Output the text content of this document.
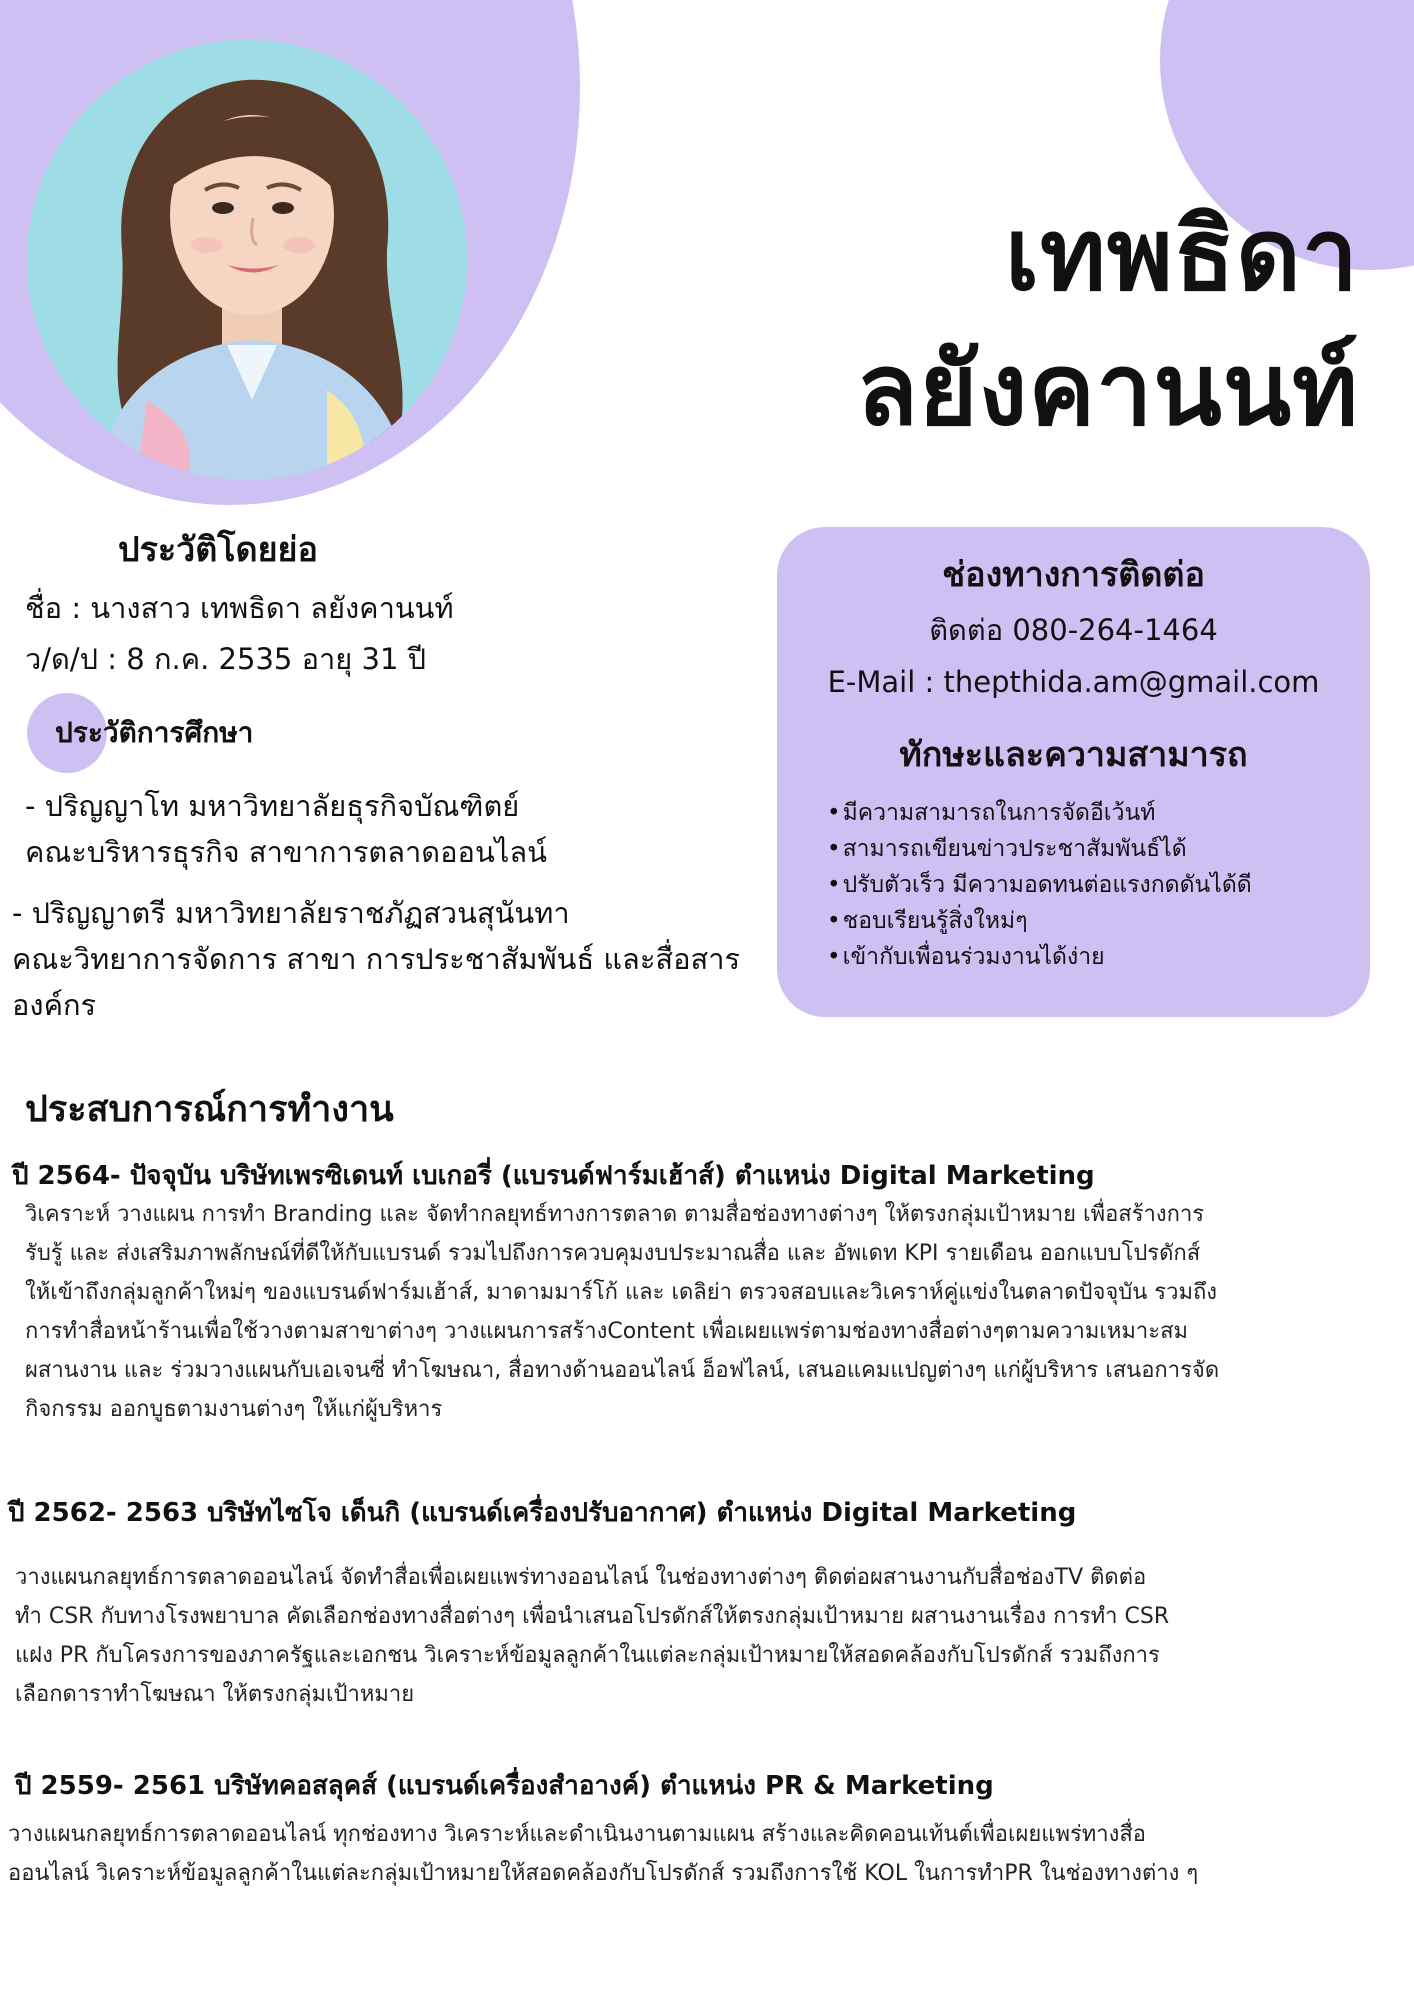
เทพธิดา
ลยังคานนท์
ประวัติโดยย่อ
ชื่อ : นางสาว เทพธิดา ลยังคานนท์
ว/ด/ป : 8 ก.ค. 2535 อายุ 31 ปี
ประวัติการศึกษา
- ปริญญาโท มหาวิทยาลัยธุรกิจบัณฑิตย์
คณะบริหารธุรกิจ สาขาการตลาดออนไลน์
- ปริญญาตรี มหาวิทยาลัยราชภัฏสวนสุนันทา
คณะวิทยาการจัดการ สาขา การประชาสัมพันธ์ และสื่อสาร
องค์กร
ช่องทางการติดต่อ
ติดต่อ 080-264-1464
E-Mail : thepthida.am@gmail.com
ทักษะและความสามารถ
• มีความสามารถในการจัดอีเว้นท์
• สามารถเขียนข่าวประชาสัมพันธ์ได้
• ปรับตัวเร็ว มีความอดทนต่อแรงกดดันได้ดี
• ชอบเรียนรู้สิ่งใหม่ๆ
• เข้ากับเพื่อนร่วมงานได้ง่าย
ประสบการณ์การทำงาน
ปี 2564- ปัจจุบัน บริษัทเพรซิเดนท์ เบเกอรี่ (แบรนด์ฟาร์มเฮ้าส์) ตำแหน่ง Digital Marketing
วิเคราะห์ วางแผน การทำ Branding และ จัดทำกลยุทธ์ทางการตลาด ตามสื่อช่องทางต่างๆ ให้ตรงกลุ่มเป้าหมาย เพื่อสร้างการ
รับรู้ และ ส่งเสริมภาพลักษณ์ที่ดีให้กับแบรนด์ รวมไปถึงการควบคุมงบประมาณสื่อ และ อัพเดท KPI รายเดือน ออกแบบโปรดักส์
ให้เข้าถึงกลุ่มลูกค้าใหม่ๆ ของแบรนด์ฟาร์มเฮ้าส์, มาดามมาร์โก้ และ เดลิย่า ตรวจสอบและวิเคราห์คู่แข่งในตลาดปัจจุบัน รวมถึง
การทำสื่อหน้าร้านเพื่อใช้วางตามสาขาต่างๆ วางแผนการสร้างContent เพื่อเผยแพร่ตามช่องทางสื่อต่างๆตามความเหมาะสม
ผสานงาน และ ร่วมวางแผนกับเอเจนซี่ ทำโฆษณา, สื่อทางด้านออนไลน์ อ็อฟไลน์, เสนอแคมแปญต่างๆ แก่ผู้บริหาร เสนอการจัด
กิจกรรม ออกบูธตามงานต่างๆ ให้แก่ผู้บริหาร
ปี 2562- 2563 บริษัทไซโจ เด็นกิ (แบรนด์เครื่องปรับอากาศ) ตำแหน่ง Digital Marketing
วางแผนกลยุทธ์การตลาดออนไลน์ จัดทำสื่อเพื่อเผยแพร่ทางออนไลน์ ในช่องทางต่างๆ ติดต่อผสานงานกับสื่อช่องTV ติดต่อ
ทำ CSR กับทางโรงพยาบาล คัดเลือกช่องทางสื่อต่างๆ เพื่อนำเสนอโปรดักส์ให้ตรงกลุ่มเป้าหมาย ผสานงานเรื่อง การทำ CSR
แฝง PR กับโครงการของภาครัฐและเอกชน วิเคราะห์ข้อมูลลูกค้าในแต่ละกลุ่มเป้าหมายให้สอดคล้องกับโปรดักส์ รวมถึงการ
เลือกดาราทำโฆษณา ให้ตรงกลุ่มเป้าหมาย
ปี 2559- 2561 บริษัทคอสลุคส์ (แบรนด์เครื่องสำอางค์) ตำแหน่ง PR & Marketing
วางแผนกลยุทธ์การตลาดออนไลน์ ทุกช่องทาง วิเคราะห์และดำเนินงานตามแผน สร้างและคิดคอนเท้นต์เพื่อเผยแพร่ทางสื่อ
ออนไลน์ วิเคราะห์ข้อมูลลูกค้าในแต่ละกลุ่มเป้าหมายให้สอดคล้องกับโปรดักส์ รวมถึงการใช้ KOL ในการทำPR ในช่องทางต่าง ๆ
